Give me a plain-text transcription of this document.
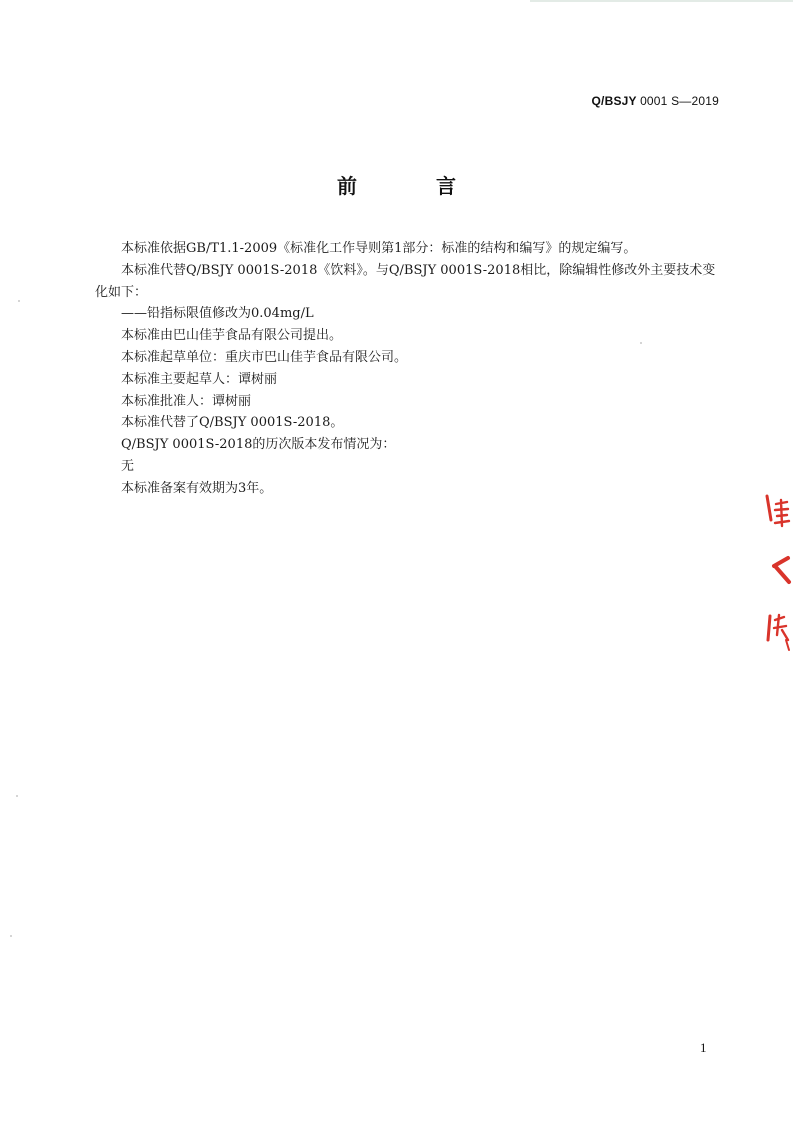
Q/BSJY 0001 S—2019
前 言

本标准依据GB/T1.1-2009《标准化工作导则第1部分：标准的结构和编写》的规定编写。

本标准代替Q/BSJY 0001S-2018《饮料》。与Q/BSJY 0001S-2018相比，除编辑性修改外主要技术变化如下：

——铅指标限值修改为0.04mg/L

本标准由巴山佳芋食品有限公司提出。

本标准起草单位：重庆市巴山佳芋食品有限公司。

本标准主要起草人：谭树丽

本标准批准人：谭树丽

本标准代替了Q/BSJY 0001S-2018。

Q/BSJY 0001S-2018的历次版本发布情况为：

无

本标准备案有效期为3年。

1
